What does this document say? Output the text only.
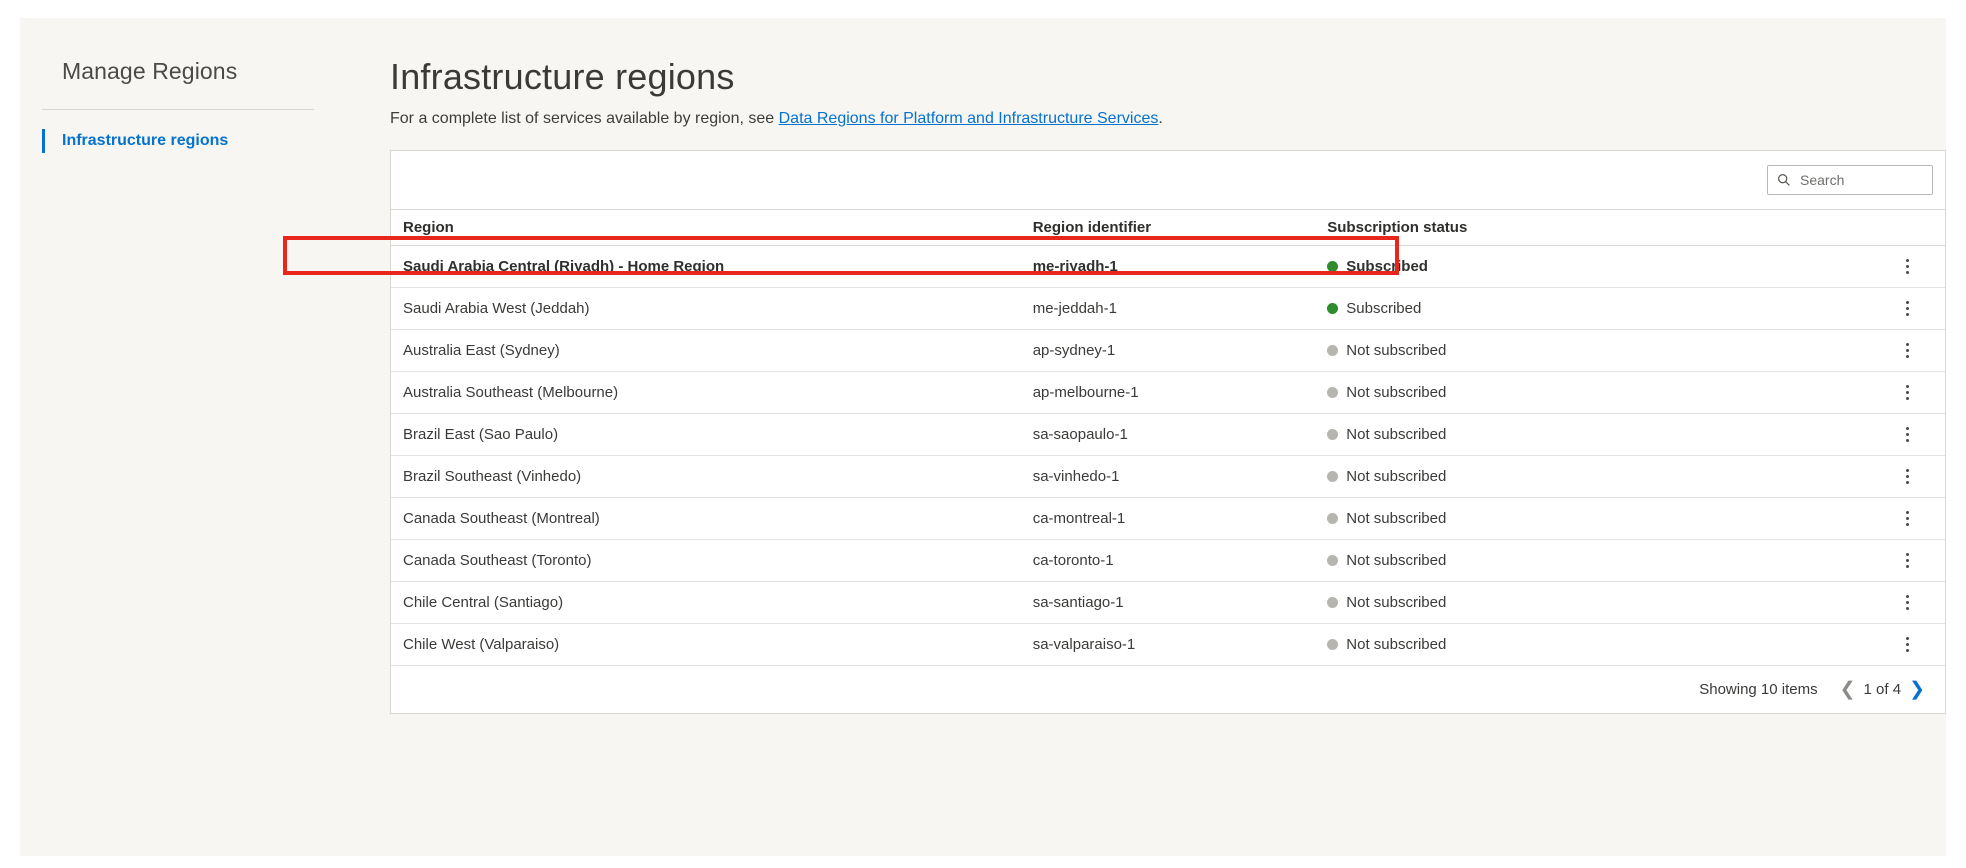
Manage Regions
Infrastructure regions
Infrastructure regions

For a complete list of services available by region, see Data Regions for Platform and Infrastructure Services.

Search
Region	Region identifier	Subscription status	
Saudi Arabia Central (Riyadh) - Home Region	me-riyadh-1	Subscribed	

Saudi Arabia West (Jeddah)	me-jeddah-1	Subscribed	

Australia East (Sydney)	ap-sydney-1	Not subscribed	

Australia Southeast (Melbourne)	ap-melbourne-1	Not subscribed	

Brazil East (Sao Paulo)	sa-saopaulo-1	Not subscribed	

Brazil Southeast (Vinhedo)	sa-vinhedo-1	Not subscribed	

Canada Southeast (Montreal)	ca-montreal-1	Not subscribed	

Canada Southeast (Toronto)	ca-toronto-1	Not subscribed	

Chile Central (Santiago)	sa-santiago-1	Not subscribed	

Chile West (Valparaiso)	sa-valparaiso-1	Not subscribed	

Showing 10 items	❮ 1 of 4 ❯
